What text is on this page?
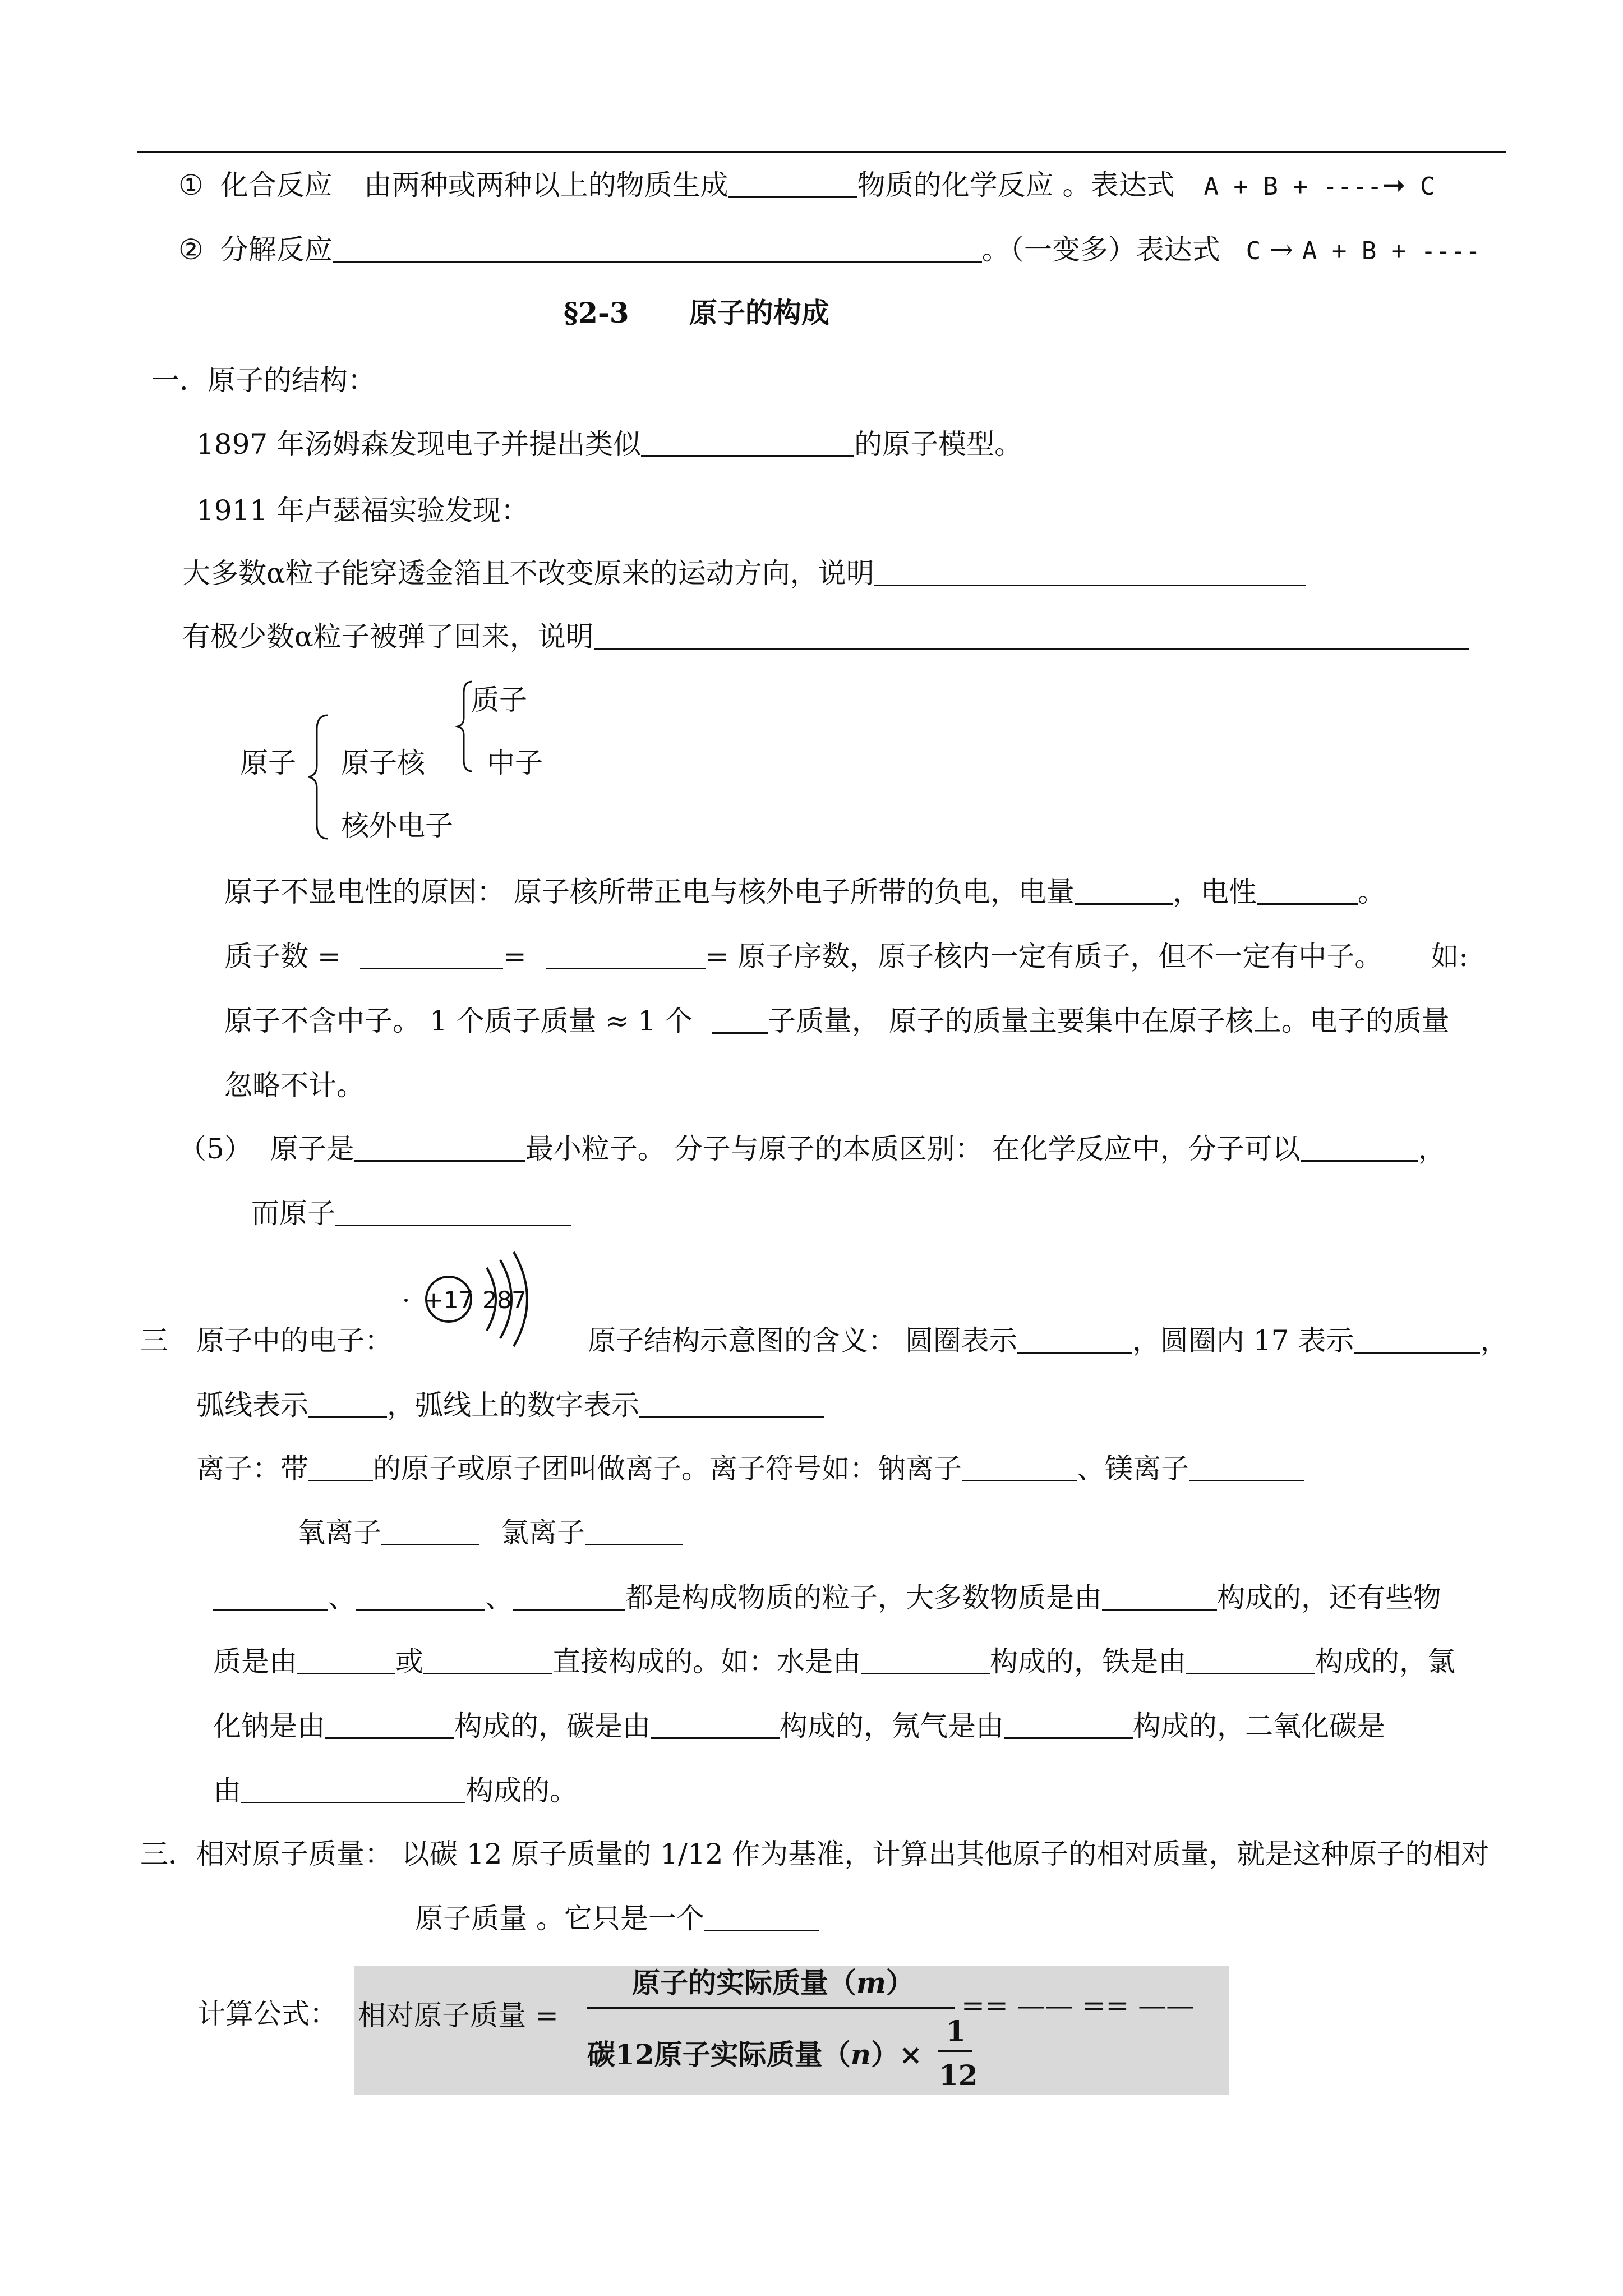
① 化合反应 由两种或两种以上的物质生成	物质的化学反应 。表达式 A + B + ----➞ C
② 分解反应	。（一变多）表达式 C → A + B + ----
§2-3 原子的构成
一．原子的结构：
1897 年汤姆森发现电子并提出类似	的原子模型。
1911 年卢瑟福实验发现：
大多数α粒子能穿透金箔且不改变原来的运动方向，说明
有极少数α粒子被弹了回来，说明
原子 原子核
核外电子
质子
中子
原子不显电性的原因： 原子核所带正电与核外电子所带的负电，电量	，电性	。
质子数 =	=	= 原子序数，原子核内一定有质子，但不一定有中子。 如:
原子不含中子。 1 个质子质量 ≈ 1 个	子质量， 原子的质量主要集中在原子核上。电子的质量
忽略不计。
（5） 原子是	最小粒子。 分子与原子的本质区别： 在化学反应中，分子可以	，
而原子
+17 2 8 7
三　原子中的电子：	原子结构示意图的含义： 圆圈表示	，圆圈内 17 表示	，
弧线表示	，弧线上的数字表示
离子：带 的原子或原子团叫做离子。离子符号如：钠离子	、镁离子
氧离子	氯离子
、	、	都是构成物质的粒子，大多数物质是由	构成的，还有些物
质是由	或	直接构成的。如：水是由	构成的，铁是由	构成的，氯
化钠是由	构成的，碳是由	构成的，氖气是由	构成的，二氧化碳是
由	构成的。
三．相对原子质量： 以碳 12 原子质量的 1/12 作为基准，计算出其他原子的相对质量，就是这种原子的相对
原子质量 。它只是一个
计算公式： 相对原子质量 =
原子的实际质量（m）
碳12原子实际质量（n）×
1
12
== —— == ——
